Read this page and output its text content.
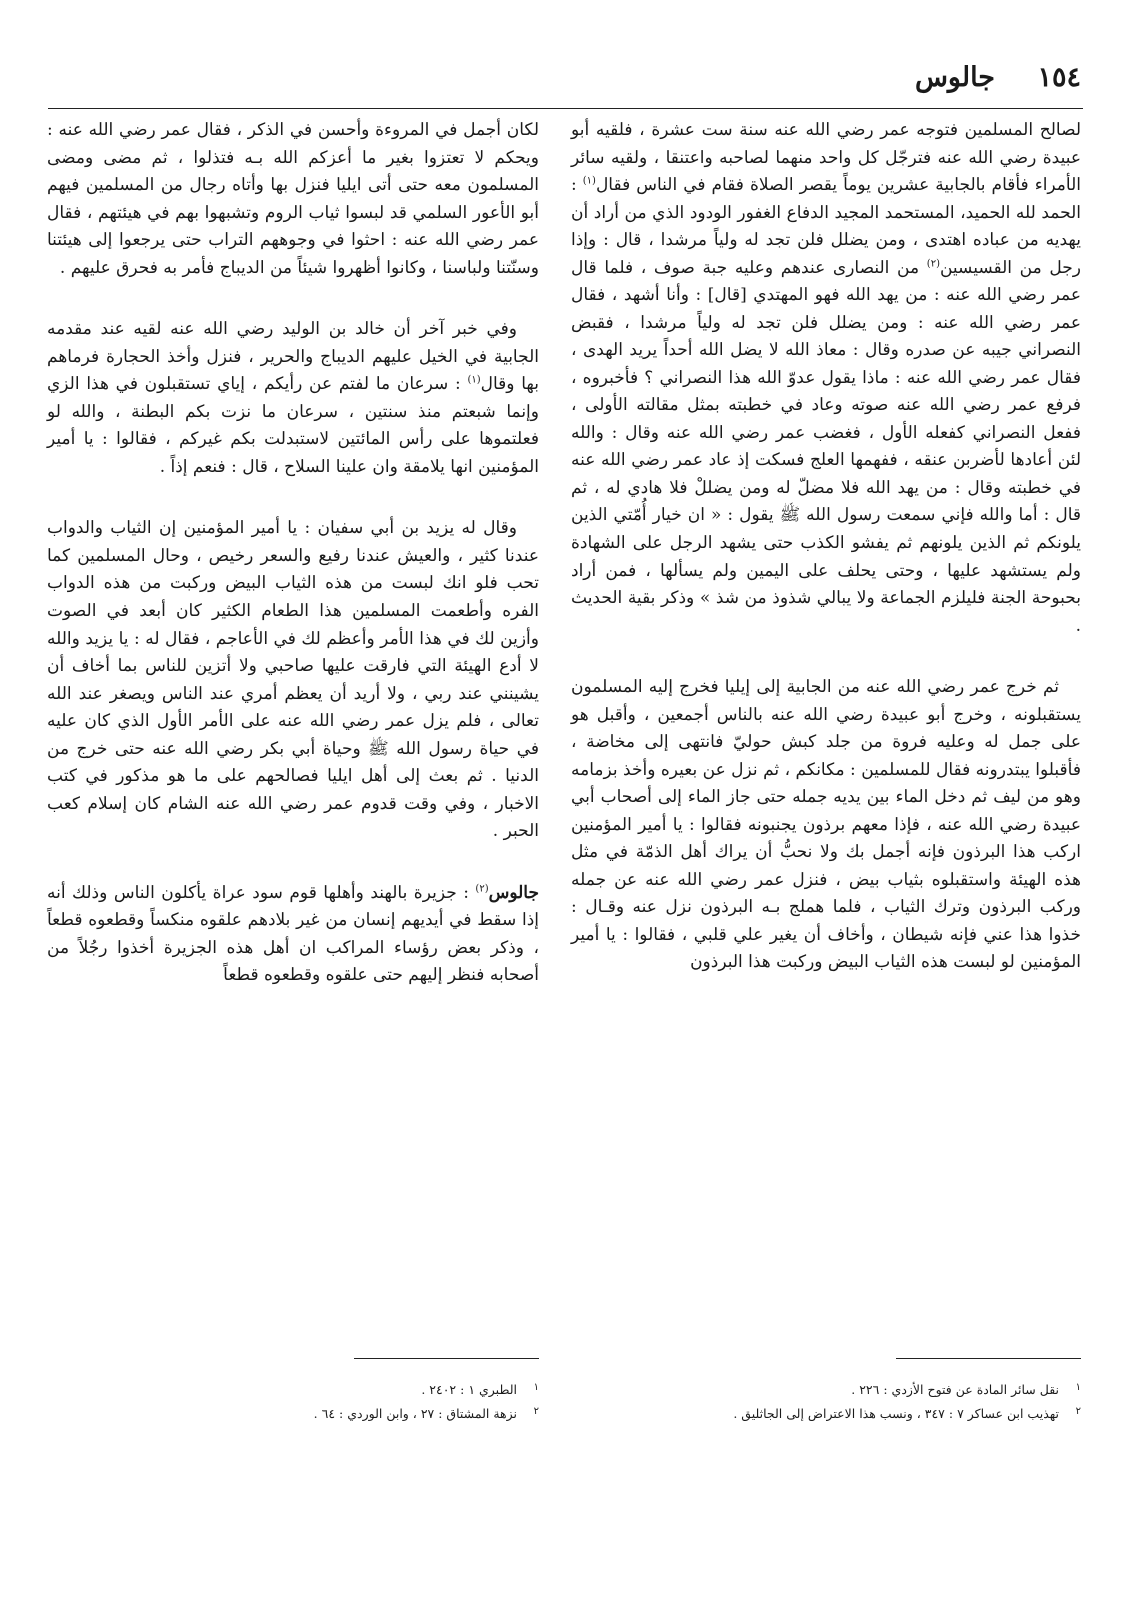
١٥٤
جالوس

لصالح المسلمين فتوجه عمر رضي الله عنه سنة ست عشرة ، فلقيه أبو عبيدة رضي الله عنه فترجّل كل واحد منهما لصاحبه واعتنقا ، ولقيه سائر الأمراء فأقام بالجابية عشرين يوماً يقصر الصلاة فقام في الناس فقال$^{(١)}$ : الحمد لله الحميد، المستحمد المجيد الدفاع الغفور الودود الذي من أراد أن يهديه من عباده اهتدى ، ومن يضلل فلن تجد له ولياً مرشدا ، قال : وإذا رجل من القسيسين$^{(٢)}$ من النصارى عندهم وعليه جبة صوف ، فلما قال عمر رضي الله عنه : من يهد الله فهو المهتدي [قال] : وأنا أشهد ، فقال عمر رضي الله عنه : ومن يضلل فلن تجد له ولياً مرشدا ، فقبض النصراني جيبه عن صدره وقال : معاذ الله لا يضل الله أحداً يريد الهدى ، فقال عمر رضي الله عنه : ماذا يقول عدوّ الله هذا النصراني ؟ فأخبروه ، فرفع عمر رضي الله عنه صوته وعاد في خطبته بمثل مقالته الأولى ، ففعل النصراني كفعله الأول ، فغضب عمر رضي الله عنه وقال : والله لئن أعادها لأضربن عنقه ، ففهمها العلج فسكت إذ عاد عمر رضي الله عنه في خطبته وقال : من يهد الله فلا مضلّ له ومن يضللْ فلا هادي له ، ثم قال : أما والله فإني سمعت رسول الله ﷺ يقول : « ان خيار أُمّتي الذين يلونكم ثم الذين يلونهم ثم يفشو الكذب حتى يشهد الرجل على الشهادة ولم يستشهد عليها ، وحتى يحلف على اليمين ولم يسألها ، فمن أراد بحبوحة الجنة فليلزم الجماعة ولا يبالي شذوذ من شذ » وذكر بقية الحديث .

ثم خرج عمر رضي الله عنه من الجابية إلى إيليا فخرج إليه المسلمون يستقبلونه ، وخرج أبو عبيدة رضي الله عنه بالناس أجمعين ، وأقبل هو على جمل له وعليه فروة من جلد كبش حوليّ فانتهى إلى مخاضة ، فأقبلوا يبتدرونه فقال للمسلمين : مكانكم ، ثم نزل عن بعيره وأخذ بزمامه وهو من ليف ثم دخل الماء بين يديه جمله حتى جاز الماء إلى أصحاب أبي عبيدة رضي الله عنه ، فإذا معهم برذون يجنبونه فقالوا : يا أمير المؤمنين اركب هذا البرذون فإنه أجمل بك ولا نحبُّ أن يراك أهل الذمّة في مثل هذه الهيئة واستقبلوه بثياب بيض ، فنزل عمر رضي الله عنه عن جمله وركب البرذون وترك الثياب ، فلما هملج بـه البرذون نزل عنه وقـال : خذوا هذا عني فإنه شيطان ، وأخاف أن يغير علي قلبي ، فقالوا : يا أمير المؤمنين لو لبست هذه الثياب البيض وركبت هذا البرذون

لكان أجمل في المروءة وأحسن في الذكر ، فقال عمر رضي الله عنه : ويحكم لا تعتزوا بغير ما أعزكم الله بـه فتذلوا ، ثم مضى ومضى المسلمون معه حتى أتى ايليا فنزل بها وأتاه رجال من المسلمين فيهم أبو الأعور السلمي قد لبسوا ثياب الروم وتشبهوا بهم في هيئتهم ، فقال عمر رضي الله عنه : احثوا في وجوههم التراب حتى يرجعوا إلى هيئتنا وسنّتنا ولباسنا ، وكانوا أظهروا شيئاً من الديباج فأمر به فحرق عليهم .

وفي خبر آخر أن خالد بن الوليد رضي الله عنه لقيه عند مقدمه الجابية في الخيل عليهم الديباج والحرير ، فنزل وأخذ الحجارة فرماهم بها وقال$^{(١)}$ : سرعان ما لفتم عن رأيكم ، إياي تستقبلون في هذا الزي وإنما شبعتم منذ سنتين ، سرعان ما نزت بكم البطنة ، والله لو فعلتموها على رأس المائتين لاستبدلت بكم غيركم ، فقالوا : يا أمير المؤمنين انها يلامقة وان علينا السلاح ، قال : فنعم إذاً .

وقال له يزيد بن أبي سفيان : يا أمير المؤمنين إن الثياب والدواب عندنا كثير ، والعيش عندنا رفيع والسعر رخيص ، وحال المسلمين كما تحب فلو انك لبست من هذه الثياب البيض وركبت من هذه الدواب الفره وأطعمت المسلمين هذا الطعام الكثير كان أبعد في الصوت وأزين لك في هذا الأمر وأعظم لك في الأعاجم ، فقال له : يا يزيد والله لا أدع الهيئة التي فارقت عليها صاحبي ولا أتزين للناس بما أخاف أن يشينني عند ربي ، ولا أريد أن يعظم أمري عند الناس ويصغر عند الله تعالى ، فلم يزل عمر رضي الله عنه على الأمر الأول الذي كان عليه في حياة رسول الله ﷺ وحياة أبي بكر رضي الله عنه حتى خرج من الدنيا . ثم بعث إلى أهل ايليا فصالحهم على ما هو مذكور في كتب الاخبار ، وفي وقت قدوم عمر رضي الله عنه الشام كان إسلام كعب الحبر .

جالوس$^{(٢)}$ : جزيرة بالهند وأهلها قوم سود عراة يأكلون الناس وذلك أنه إذا سقط في أيديهم إنسان من غير بلادهم علقوه منكساً وقطعوه قطعاً ، وذكر بعض رؤساء المراكب ان أهل هذه الجزيرة أخذوا رجُلاً من أصحابه فنظر إليهم حتى علقوه وقطعوه قطعاً

١نقل سائر المادة عن فتوح الأزدي : ٢٢٦ .
٢تهذيب ابن عساكر ٧ : ٣٤٧ ، ونسب هذا الاعتراض إلى الجاثليق .
١الطبري ١ : ٢٤٠٢ .
٢نزهة المشتاق : ٢٧ ، وابن الوردي : ٦٤ .
